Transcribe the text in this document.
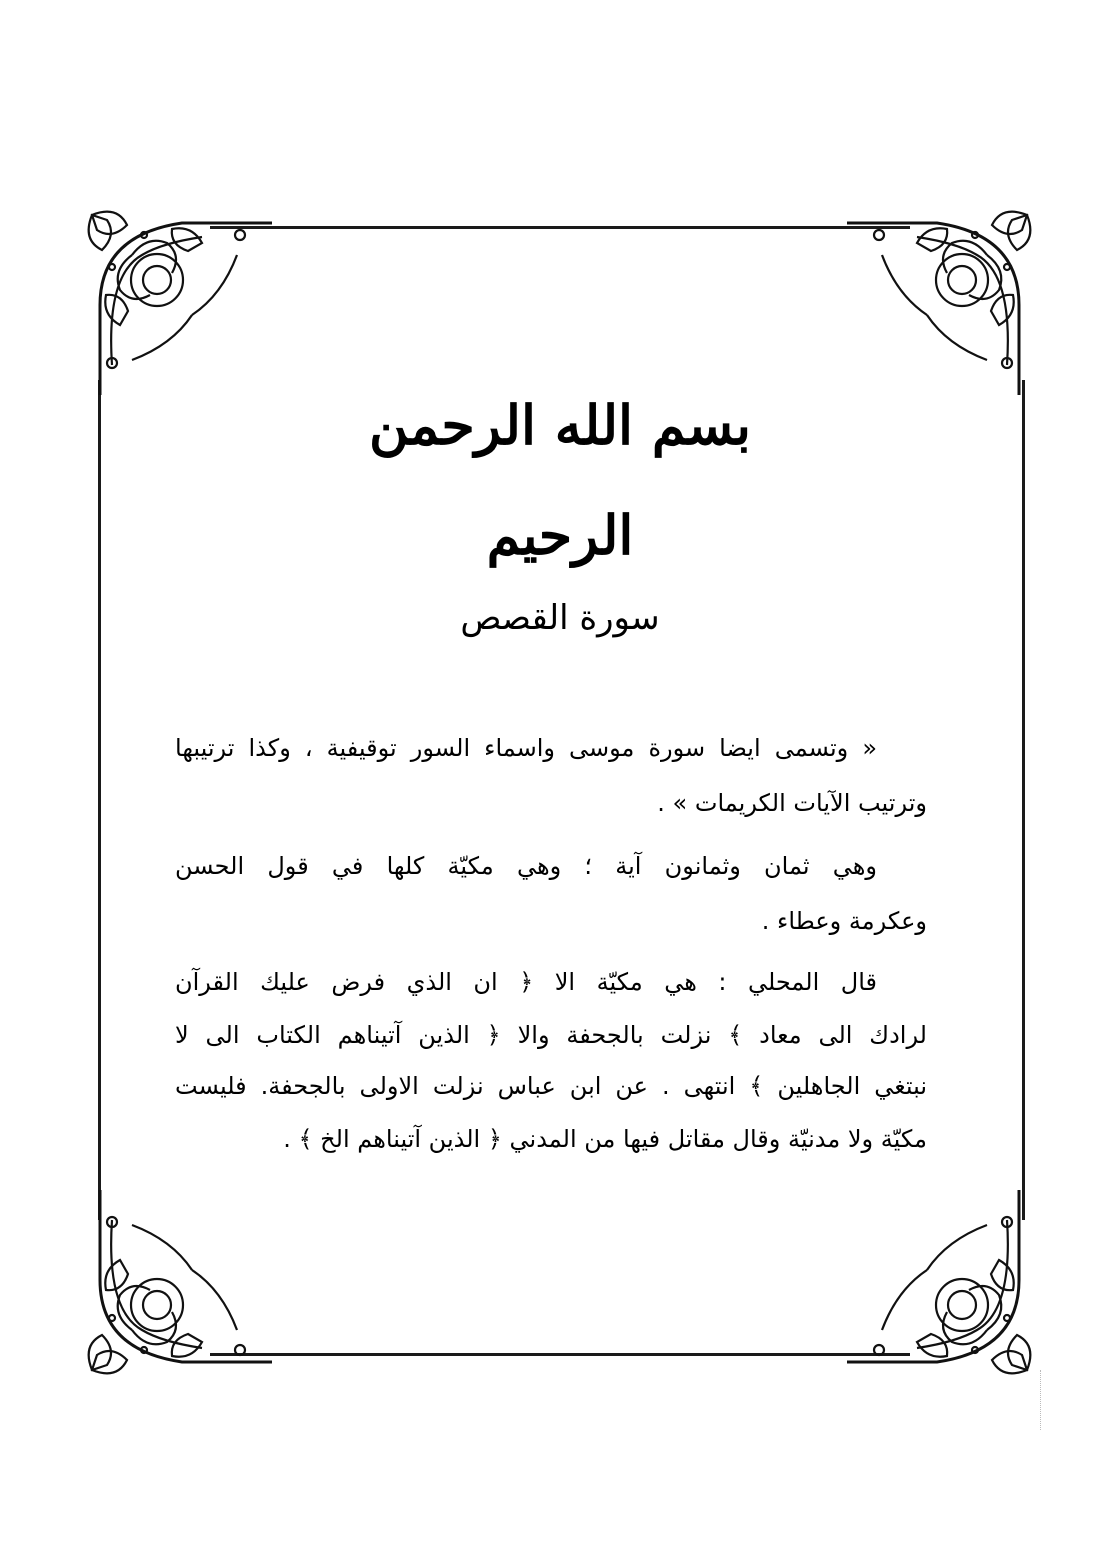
بسم الله الرحمن الرحيم
سورة القصص
« وتسمى ايضا سورة موسى واسماء السور توقيفية ، وكذا ترتيبها
وترتيب الآيات الكريمات » .
وهي ثمان وثمانون آية ؛ وهي مكيّة كلها في قول الحسن
وعكرمة وعطاء .
قال المحلي : هي مكيّة الا ﴿ ان الذي فرض عليك القرآن
لرادك الى معاد ﴾ نزلت بالجحفة والا ﴿ الذين آتيناهم الكتاب الى لا
نبتغي الجاهلين ﴾ انتهى . عن ابن عباس نزلت الاولى بالجحفة. فليست
مكيّة ولا مدنيّة وقال مقاتل فيها من المدني ﴿ الذين آتيناهم الخ ﴾ .
